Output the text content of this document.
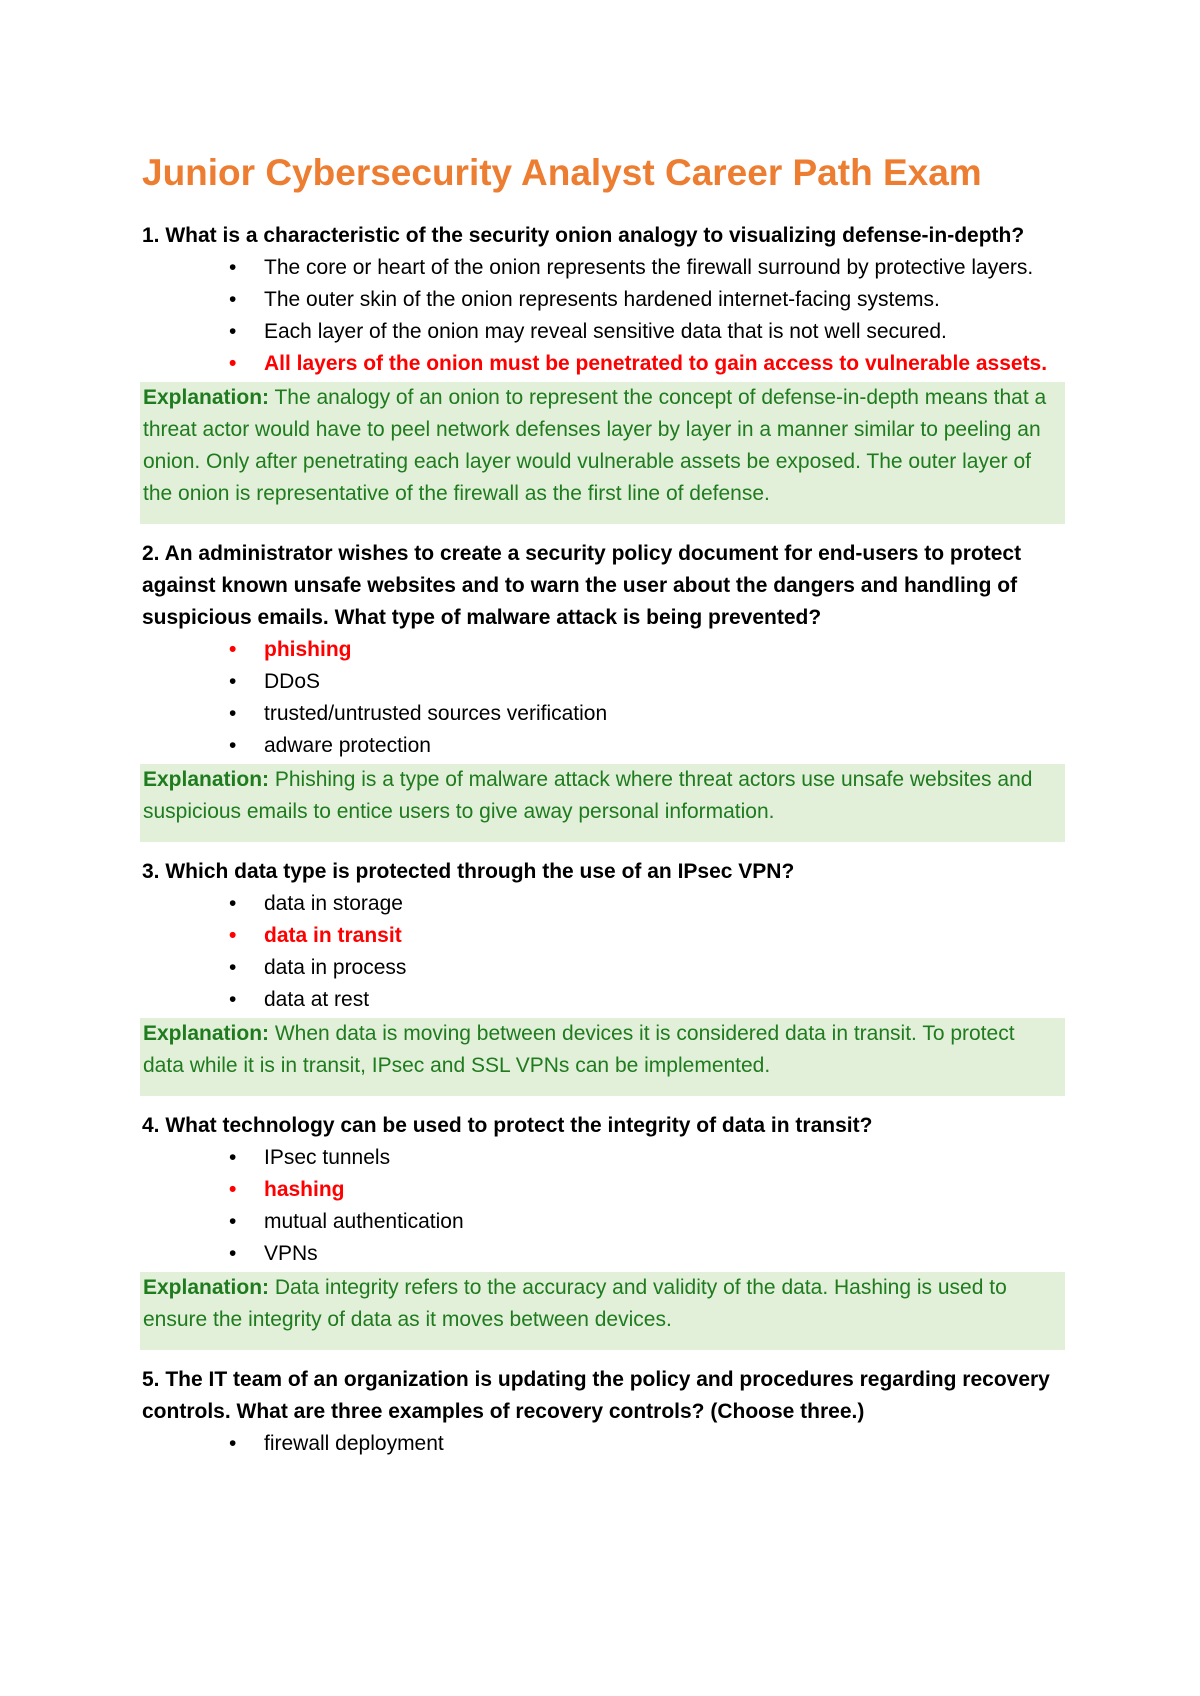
Junior Cybersecurity Analyst Career Path Exam

1. What is a characteristic of the security onion analogy to visualizing defense-in-depth?

• The core or heart of the onion represents the firewall surround by protective layers.
• The outer skin of the onion represents hardened internet-facing systems.
• Each layer of the onion may reveal sensitive data that is not well secured.
• All layers of the onion must be penetrated to gain access to vulnerable assets.
Explanation: The analogy of an onion to represent the concept of defense-in-depth means that a threat actor would have to peel network defenses layer by layer in a manner similar to peeling an onion. Only after penetrating each layer would vulnerable assets be exposed. The outer layer of the onion is representative of the firewall as the first line of defense.

2. An administrator wishes to create a security policy document for end-users to protect against known unsafe websites and to warn the user about the dangers and handling of suspicious emails. What type of malware attack is being prevented?

• phishing
• DDoS
• trusted/untrusted sources verification
• adware protection
Explanation: Phishing is a type of malware attack where threat actors use unsafe websites and suspicious emails to entice users to give away personal information.

3. Which data type is protected through the use of an IPsec VPN?

• data in storage
• data in transit
• data in process
• data at rest
Explanation: When data is moving between devices it is considered data in transit. To protect data while it is in transit, IPsec and SSL VPNs can be implemented.

4. What technology can be used to protect the integrity of data in transit?

• IPsec tunnels
• hashing
• mutual authentication
• VPNs
Explanation: Data integrity refers to the accuracy and validity of the data. Hashing is used to ensure the integrity of data as it moves between devices.

5. The IT team of an organization is updating the policy and procedures regarding recovery controls. What are three examples of recovery controls? (Choose three.)

• firewall deployment
